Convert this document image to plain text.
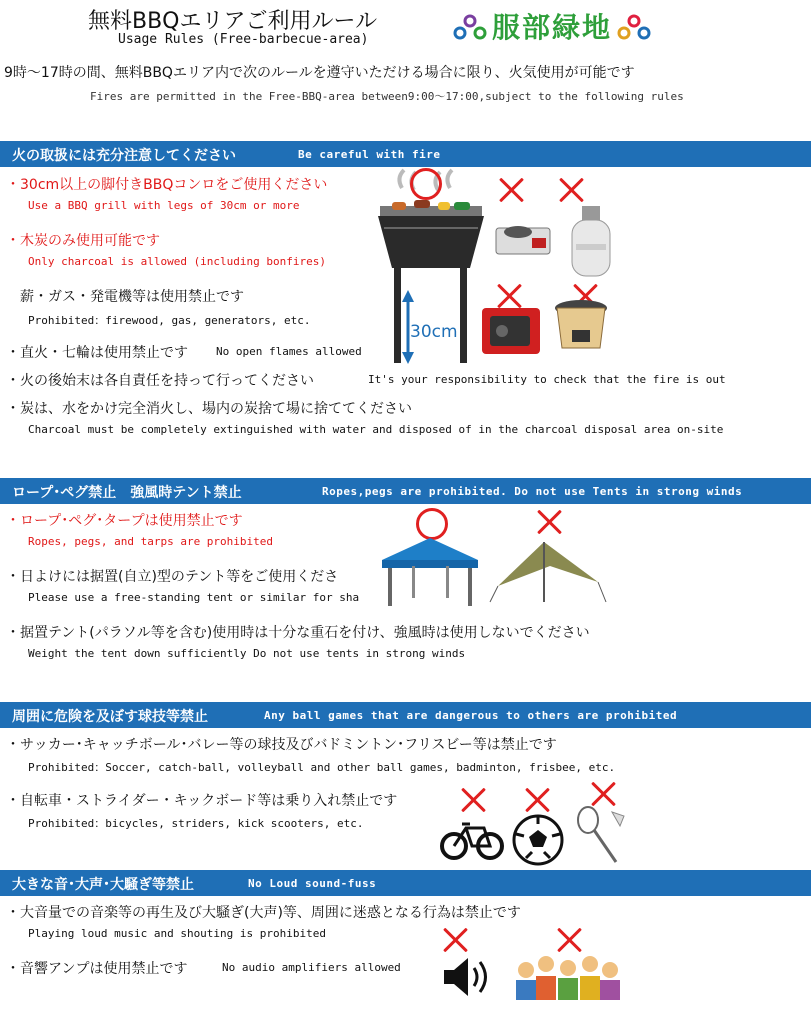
無料BBQエリアご利用ルール
Usage Rules (Free-barbecue-area)	服部緑地
9時～17時の間、無料BBQエリア内で次のルールを遵守いただける場合に限り、火気使用が可能です
Fires are permitted in the Free-BBQ-area between9:00～17:00,subject to the following rules
火の取扱には充分注意してください	Be careful with fire
・30cm以上の脚付きBBQコンロをご使用ください
Use a BBQ grill with legs of 30cm or more
・木炭のみ使用可能です
Only charcoal is allowed (including bonfires)
薪・ガス・発電機等は使用禁止です
Prohibited：firewood, gas, generators, etc.
・直火・七輪は使用禁止です	No open flames allowed
・火の後始末は各自責任を持って行ってください	It's your responsibility to check that the fire is out
・炭は、水をかけ完全消火し、場内の炭捨て場に捨ててください
Charcoal must be completely extinguished with water and disposed of in the charcoal disposal area on-site
30cm
ロープ･ペグ禁止　強風時テント禁止	Ropes,pegs are prohibited. Do not use Tents in strong winds
・ロープ･ペグ･タープは使用禁止です
Ropes, pegs, and tarps are prohibited
・日よけには据置(自立)型のテント等をご使用くださ
Please use a free-standing tent or similar for sha
・据置テント(パラソル等を含む)使用時は十分な重石を付け、強風時は使用しないでください
Weight the tent down sufficiently Do not use tents in strong winds
周囲に危険を及ぼす球技等禁止	Any ball games that are dangerous to others are prohibited
・サッカー･キャッチボール･バレー等の球技及びバドミントン･フリスビー等は禁止です
Prohibited：Soccer, catch-ball, volleyball and other ball games, badminton, frisbee, etc.
・自転車・ストライダー・キックボード等は乗り入れ禁止です
Prohibited：bicycles, striders, kick scooters, etc.
大きな音･大声･大騒ぎ等禁止	No Loud sound-fuss
・大音量での音楽等の再生及び大騒ぎ(大声)等、周囲に迷惑となる行為は禁止です
Playing loud music and shouting is prohibited
・音響アンプは使用禁止です	No audio amplifiers allowed
